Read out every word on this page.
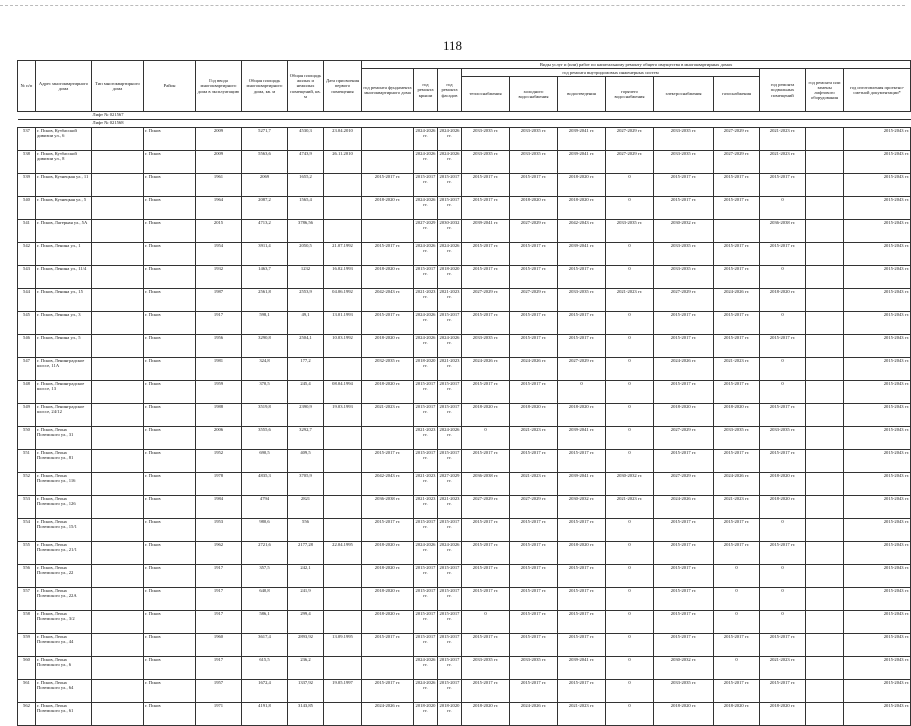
118
№ п/п	Адрес многоквартирного дома	Тип многоквартирного дома	Район	Год ввода многоквартирного дома в эксплуатацию	Общая площадь многоквартирного дома, кв. м	Общая площадь жилых и нежилых помещений, кв. м	Дата присвоения первого помещения	Виды услуг и (или) работ по капитальному ремонту общего имущества в многоквартирных домах											
								год ремонта фундамента многоквартирного дома	год ремонта крыши	год ремонта фасадов	год ремонта внутридомовых инженерных систем						год ремонта подвальных помещений	год ремонта или замены лифтового оборудования	год изготовления проектно-сметной документации*
											теплоснабжения	холодного водоснабжения	водоотведения	горячего водоснабжения	электроснабжения	газоснабжения			
		Лифт № 021567																	
		Лифт № 021568																	
537	г. Псков, Кузбасской дивизии ул., 6		г. Псков	2009	5271,7	4530,3	23.04.2010		2024-2026 гг.	2024-2026 гг.	2033-2035 гг.	2033-2035 гг.	2039-2041 гг.	2027-2029 гг.	2033-2035 гг.	2027-2029 гг.	2021-2023 гг.		2015-2043 гг.
538	г. Псков, Кузбасской дивизии ул., 8		г. Псков	2009	5563,6	4743,9	26.11.2010		2024-2026 гг.	2024-2026 гг.	2033-2035 гг.	2033-2035 гг.	2039-2041 гг.	2027-2029 гг.	2033-2035 гг.	2027-2029 гг.	2021-2023 гг.		2015-2043 гг.
539	г. Псков, Кузнецкая ул., 11		г. Псков	1961	2069	1655,2		2015-2017 гг.	2015-2017 гг.	2015-2017 гг.	2015-2017 гг.	2015-2017 гг.	2018-2020 гг.	0	2015-2017 гг.	2015-2017 гг.	2015-2017 гг.		2015-2043 гг.
540	г. Псков, Кузнецкая ул., 5		г. Псков	1964	2087,2	1565,4		2018-2020 гг.	2024-2026 гг.	2015-2017 гг.	2015-2017 гг.	2018-2020 гг.	2018-2020 гг.	0	2015-2017 гг.	2015-2017 гг.	0		2015-2043 гг.
541	г. Псков, Лагерная ул., 5А		г. Псков	2015	4713,2	3786,56			2027-2029 гг.	2030-2032 гг.	2039-2041 гг.	2027-2029 гг.	2042-2043 гг.	2033-2035 гг.	2030-2032 гг.		2036-2038 гг.		2015-2043 гг.
542	г. Псков, Ленина ул., 1		г. Псков	1954	3911,4	2050,5	21.07.1992	2015-2017 гг.	2024-2026 гг.	2024-2026 гг.	2015-2017 гг.	2015-2017 гг.	2039-2041 гг.	0	2033-2035 гг.	2015-2017 гг.	2015-2017 гг.		2015-2043 гг.
543	г. Псков, Ленина ул., 11/4		г. Псков	1932	1463,7	1232	16.02.1993	2018-2020 гг.	2015-2017 гг.	2018-2020 гг.	2015-2017 гг.	2015-2017 гг.	2015-2017 гг.	0	2033-2035 гг.	2015-2017 гг.	0		2015-2043 гг.
544	г. Псков, Ленина ул., 15		г. Псков	1987	2561,8	2553,9	04.06.1992	2042-2043 гг.	2021-2023 гг.	2021-2023 гг.	2027-2029 гг.	2027-2029 гг.	2033-2035 гг.	2021-2023 гг.	2027-2029 гг.	2024-2026 гг.	2018-2020 гг.		2015-2043 гг.
545	г. Псков, Ленина ул., 3		г. Псков	1917	598,1	49,1	13.01.1993	2015-2017 гг.	2024-2026 гг.	2015-2017 гг.	2015-2017 гг.	2015-2017 гг.	2015-2017 гг.	0	2015-2017 гг.	2015-2017 гг.	0		2015-2043 гг.
546	г. Псков, Ленина ул., 5		г. Псков	1956	3290,8	2504,1	10.03.1992	2018-2020 гг.	2024-2026 гг.	2024-2026 гг.	2033-2035 гг.	2015-2017 гг.	2015-2017 гг.	0	2015-2017 гг.	2015-2017 гг.	2015-2017 гг.		2015-2043 гг.
547	г. Псков, Ленинградское шоссе, 11А		г. Псков	1981	324,8	177,2		2032-2035 гг.	2018-2020 гг.	2021-2023 гг.	2024-2026 гг.	2024-2026 гг.	2027-2029 гг.	0	2024-2026 гг.	2021-2023 гг.	0		2015-2043 гг.
548	г. Псков, Ленинградское шоссе, 13		г. Псков	1959	370,5	245,4	08.04.1994	2018-2020 гг.	2015-2017 гг.	2015-2017 гг.	2015-2017 гг.	2015-2017 гг.	0	0	2015-2017 гг.	2015-2017 гг.	0		2015-2043 гг.
549	г. Псков, Ленинградское шоссе, 24/12		г. Псков	1988	3519,8	2390,9	19.03.1993	2021-2023 гг.	2015-2017 гг.	2015-2017 гг.	2018-2020 гг.	2018-2020 гг.	2018-2020 гг.	0	2018-2020 гг.	2018-2020 гг.	2015-2017 гг.		2015-2043 гг.
550	г. Псков, Леона Поземского ул., 31		г. Псков	2006	3555,6	3292,7			2021-2023 гг.	2024-2026 гг.	0	2021-2023 гг.	2039-2041 гг.	0	2027-2029 гг.	2033-2035 гг.	2033-2035 гг.		2015-2043 гг.
551	г. Псков, Леона Поземского ул., 81		г. Псков	1952	690,5	409,5		2015-2017 гг.	2015-2017 гг.	2015-2017 гг.	2015-2017 гг.	2015-2017 гг.	2015-2017 гг.	0	2015-2017 гг.	2015-2017 гг.	2015-2017 гг.		2015-2043 гг.
552	г. Псков, Леона Поземского ул., 116		г. Псков	1978	4835,3	3705,9		2042-2043 гг.	2021-2023 гг.	2027-2029 гг.	2036-2038 гг.	2021-2023 гг.	2039-2041 гг.	2030-2032 гг.	2027-2029 гг.	2024-2026 гг.	2018-2020 гг.		2015-2043 гг.
553	г. Псков, Леона Поземского ул., 126		г. Псков	1984	4794	2821		2036-2038 гг.	2021-2023 гг.	2021-2023 гг.	2027-2029 гг.	2027-2029 гг.	2030-2032 гг.	2021-2023 гг.	2024-2026 гг.	2021-2023 гг.	2018-2020 гг.		2015-2043 гг.
554	г. Псков, Леона Поземского ул., 15/1		г. Псков	1953	980,6	556		2015-2017 гг.	2015-2017 гг.	2015-2017 гг.	2015-2017 гг.	2015-2017 гг.	2015-2017 гг.	0	2015-2017 гг.	2015-2017 гг.	0		2015-2043 гг.
555	г. Псков, Леона Поземского ул., 21/1		г. Псков	1962	2721,6	2177,28	22.04.1995	2018-2020 гг.	2024-2026 гг.	2024-2026 гг.	2015-2017 гг.	2015-2017 гг.	2018-2020 гг.	0	2015-2017 гг.	2015-2017 гг.	2015-2017 гг.		2015-2043 гг.
556	г. Псков, Леона Поземского ул., 22		г. Псков	1917	357,5	242,1		2018-2020 гг.	2015-2017 гг.	2015-2017 гг.	2015-2017 гг.	2015-2017 гг.	2015-2017 гг.	0	2015-2017 гг.	0	0		2015-2043 гг.
557	г. Псков, Леона Поземского ул., 22А		г. Псков	1917	640,8	241,9		2018-2020 гг.	2015-2017 гг.	2015-2017 гг.	2015-2017 гг.	2015-2017 гг.	2015-2017 гг.	0	2015-2017 гг.	0	0		2015-2043 гг.
558	г. Псков, Леона Поземского ул., 3/2		г. Псков	1917	586,1	299,4		2018-2020 гг.	2015-2017 гг.	2015-2017 гг.	0	2015-2017 гг.	2015-2017 гг.	0	2015-2017 гг.	0	0		2015-2043 гг.
559	г. Псков, Леона Поземского ул., 44		г. Псков	1960	3617,4	2893,92	13.09.1995	2015-2017 гг.	2015-2017 гг.	2015-2017 гг.	2015-2017 гг.	2015-2017 гг.	2015-2017 гг.	0	2015-2017 гг.	2015-2017 гг.	2015-2017 гг.		2015-2043 гг.
560	г. Псков, Леона Поземского ул., 6		г. Псков	1917	615,5	236,2			2024-2026 гг.	2015-2017 гг.	2033-2035 гг.	2033-2035 гг.	2039-2041 гг.	0	2030-2032 гг.	0	2021-2023 гг.		2015-2043 гг.
561	г. Псков, Леона Поземского ул., 64		г. Псков	1957	1672,4	1337,92	19.05.1997	2015-2017 гг.	2024-2026 гг.	2015-2017 гг.	2015-2017 гг.	2015-2017 гг.	2015-2017 гг.	0	2033-2035 гг.	2015-2017 гг.	2015-2017 гг.		2015-2043 гг.
562	г. Псков, Леона Поземского ул., 61		г. Псков	1971	4191,8	3143,85		2024-2026 гг.	2018-2020 гг.	2018-2020 гг.	2018-2020 гг.	2024-2026 гг.	2021-2023 гг.	0	2018-2020 гг.	2018-2020 гг.	2018-2020 гг.		2015-2043 гг.
